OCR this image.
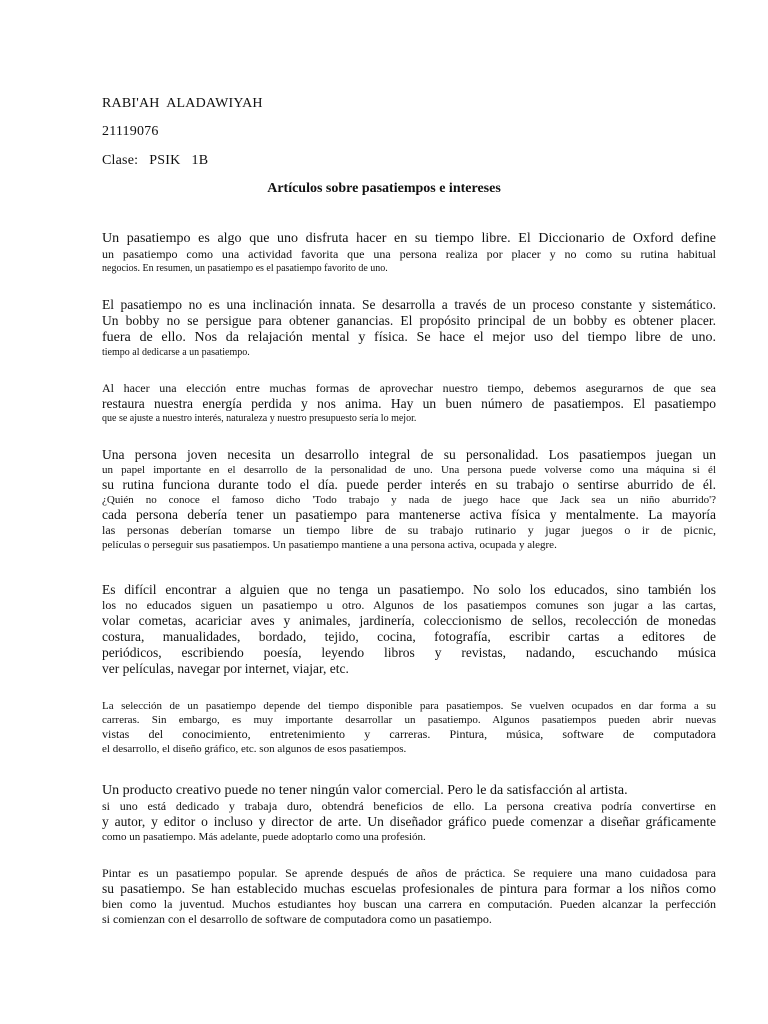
RABI'AH  ALADAWIYAH
21119076
Clase:   PSIK   1B
Artículos sobre pasatiempos e intereses
Un pasatiempo es algo que uno disfruta hacer en su tiempo libre. El Diccionario de Oxford define
un pasatiempo como una actividad favorita que una persona realiza por placer y no como su rutina habitual
negocios. En resumen, un pasatiempo es el pasatiempo favorito de uno.
El pasatiempo no es una inclinación innata. Se desarrolla a través de un proceso constante y sistemático.
Un bobby no se persigue para obtener ganancias. El propósito principal de un bobby es obtener placer.
fuera de ello. Nos da relajación mental y física. Se hace el mejor uso del tiempo libre de uno.
tiempo al dedicarse a un pasatiempo.
Al hacer una elección entre muchas formas de aprovechar nuestro tiempo, debemos asegurarnos de que sea
restaura nuestra energía perdida y nos anima. Hay un buen número de pasatiempos. El pasatiempo
que se ajuste a nuestro interés, naturaleza y nuestro presupuesto sería lo mejor.
Una persona joven necesita un desarrollo integral de su personalidad. Los pasatiempos juegan un
un papel importante en el desarrollo de la personalidad de uno. Una persona puede volverse como una máquina si él
su rutina funciona durante todo el día. puede perder interés en su trabajo o sentirse aburrido de él.
¿Quién no conoce el famoso dicho 'Todo trabajo y nada de juego hace que Jack sea un niño aburrido'?
cada persona debería tener un pasatiempo para mantenerse activa física y mentalmente. La mayoría
las personas deberían tomarse un tiempo libre de su trabajo rutinario y jugar juegos o ir de picnic,
películas o perseguir sus pasatiempos. Un pasatiempo mantiene a una persona activa, ocupada y alegre.
Es difícil encontrar a alguien que no tenga un pasatiempo. No solo los educados, sino también los
los no educados siguen un pasatiempo u otro. Algunos de los pasatiempos comunes son jugar a las cartas,
volar cometas, acariciar aves y animales, jardinería, coleccionismo de sellos, recolección de monedas
costura, manualidades, bordado, tejido, cocina, fotografía, escribir cartas a editores de
periódicos, escribiendo poesía, leyendo libros y revistas, nadando, escuchando música
ver películas, navegar por internet, viajar, etc.
La selección de un pasatiempo depende del tiempo disponible para pasatiempos. Se vuelven ocupados en dar forma a su
carreras. Sin embargo, es muy importante desarrollar un pasatiempo. Algunos pasatiempos pueden abrir nuevas
vistas del conocimiento, entretenimiento y carreras. Pintura, música, software de computadora
el desarrollo, el diseño gráfico, etc. son algunos de esos pasatiempos.
Un producto creativo puede no tener ningún valor comercial. Pero le da satisfacción al artista.
si uno está dedicado y trabaja duro, obtendrá beneficios de ello. La persona creativa podría convertirse en
y autor, y editor o incluso y director de arte. Un diseñador gráfico puede comenzar a diseñar gráficamente
como un pasatiempo. Más adelante, puede adoptarlo como una profesión.
Pintar es un pasatiempo popular. Se aprende después de años de práctica. Se requiere una mano cuidadosa para
su pasatiempo. Se han establecido muchas escuelas profesionales de pintura para formar a los niños como
bien como la juventud. Muchos estudiantes hoy buscan una carrera en computación. Pueden alcanzar la perfección
si comienzan con el desarrollo de software de computadora como un pasatiempo.
